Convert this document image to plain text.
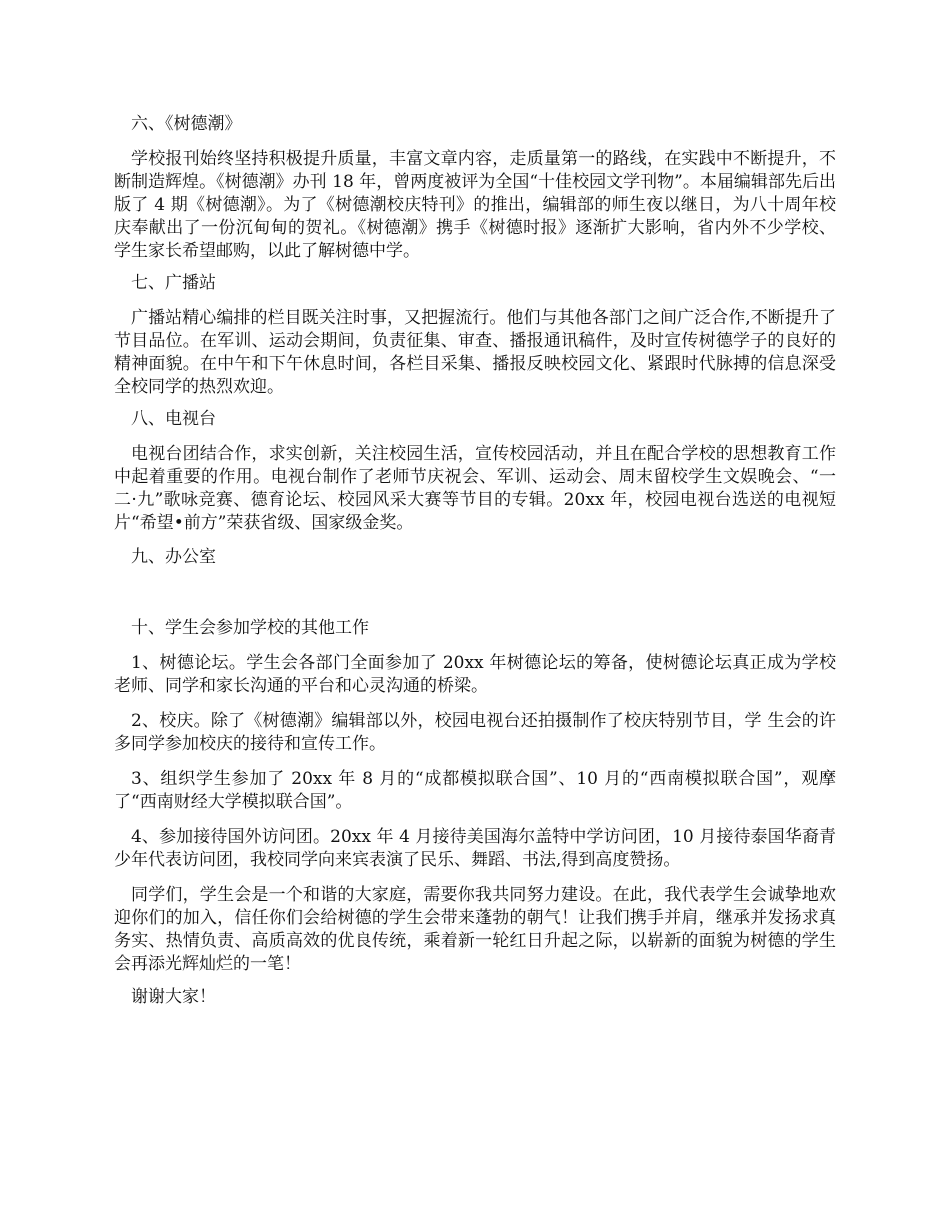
六、《树德潮》

学校报刊始终坚持积极提升质量，丰富文章内容，走质量第一的路线，在实践中不断提升，不断制造辉煌。《树德潮》办刊 18 年，曾两度被评为全国“十佳校园文学刊物”。本届编辑部先后出版了 4 期《树德潮》。为了《树德潮校庆特刊》的推出，编辑部的师生夜以继日，为八十周年校庆奉献出了一份沉甸甸的贺礼。《树德潮》携手《树德时报》逐渐扩大影响，省内外不少学校、学生家长希望邮购，以此了解树德中学。

七、广播站

广播站精心编排的栏目既关注时事，又把握流行。他们与其他各部门之间广泛合作,不断提升了节目品位。在军训、运动会期间，负责征集、审查、播报通讯稿件，及时宣传树德学子的良好的精神面貌。在中午和下午休息时间，各栏目采集、播报反映校园文化、紧跟时代脉搏的信息深受全校同学的热烈欢迎。

八、电视台

电视台团结合作，求实创新，关注校园生活，宣传校园活动，并且在配合学校的思想教育工作中起着重要的作用。电视台制作了老师节庆祝会、军训、运动会、周末留校学生文娱晚会、“一二·九”歌咏竞赛、德育论坛、校园风采大赛等节目的专辑。20xx 年，校园电视台选送的电视短片“希望•前方”荣获省级、国家级金奖。

九、办公室

十、学生会参加学校的其他工作

1、树德论坛。学生会各部门全面参加了 20xx 年树德论坛的筹备，使树德论坛真正成为学校老师、同学和家长沟通的平台和心灵沟通的桥梁。

2、校庆。除了《树德潮》编辑部以外，校园电视台还拍摄制作了校庆特别节目，学 生会的许多同学参加校庆的接待和宣传工作。

3、组织学生参加了 20xx 年 8 月的“成都模拟联合国”、10 月的“西南模拟联合国”，观摩了“西南财经大学模拟联合国”。

4、参加接待国外访问团。20xx 年 4 月接待美国海尔盖特中学访问团，10 月接待泰国华裔青少年代表访问团，我校同学向来宾表演了民乐、舞蹈、书法,得到高度赞扬。

同学们，学生会是一个和谐的大家庭，需要你我共同努力建设。在此，我代表学生会诚挚地欢迎你们的加入，信任你们会给树德的学生会带来蓬勃的朝气！让我们携手并肩，继承并发扬求真务实、热情负责、高质高效的优良传统，乘着新一轮红日升起之际，以崭新的面貌为树德的学生会再添光辉灿烂的一笔！

谢谢大家！
